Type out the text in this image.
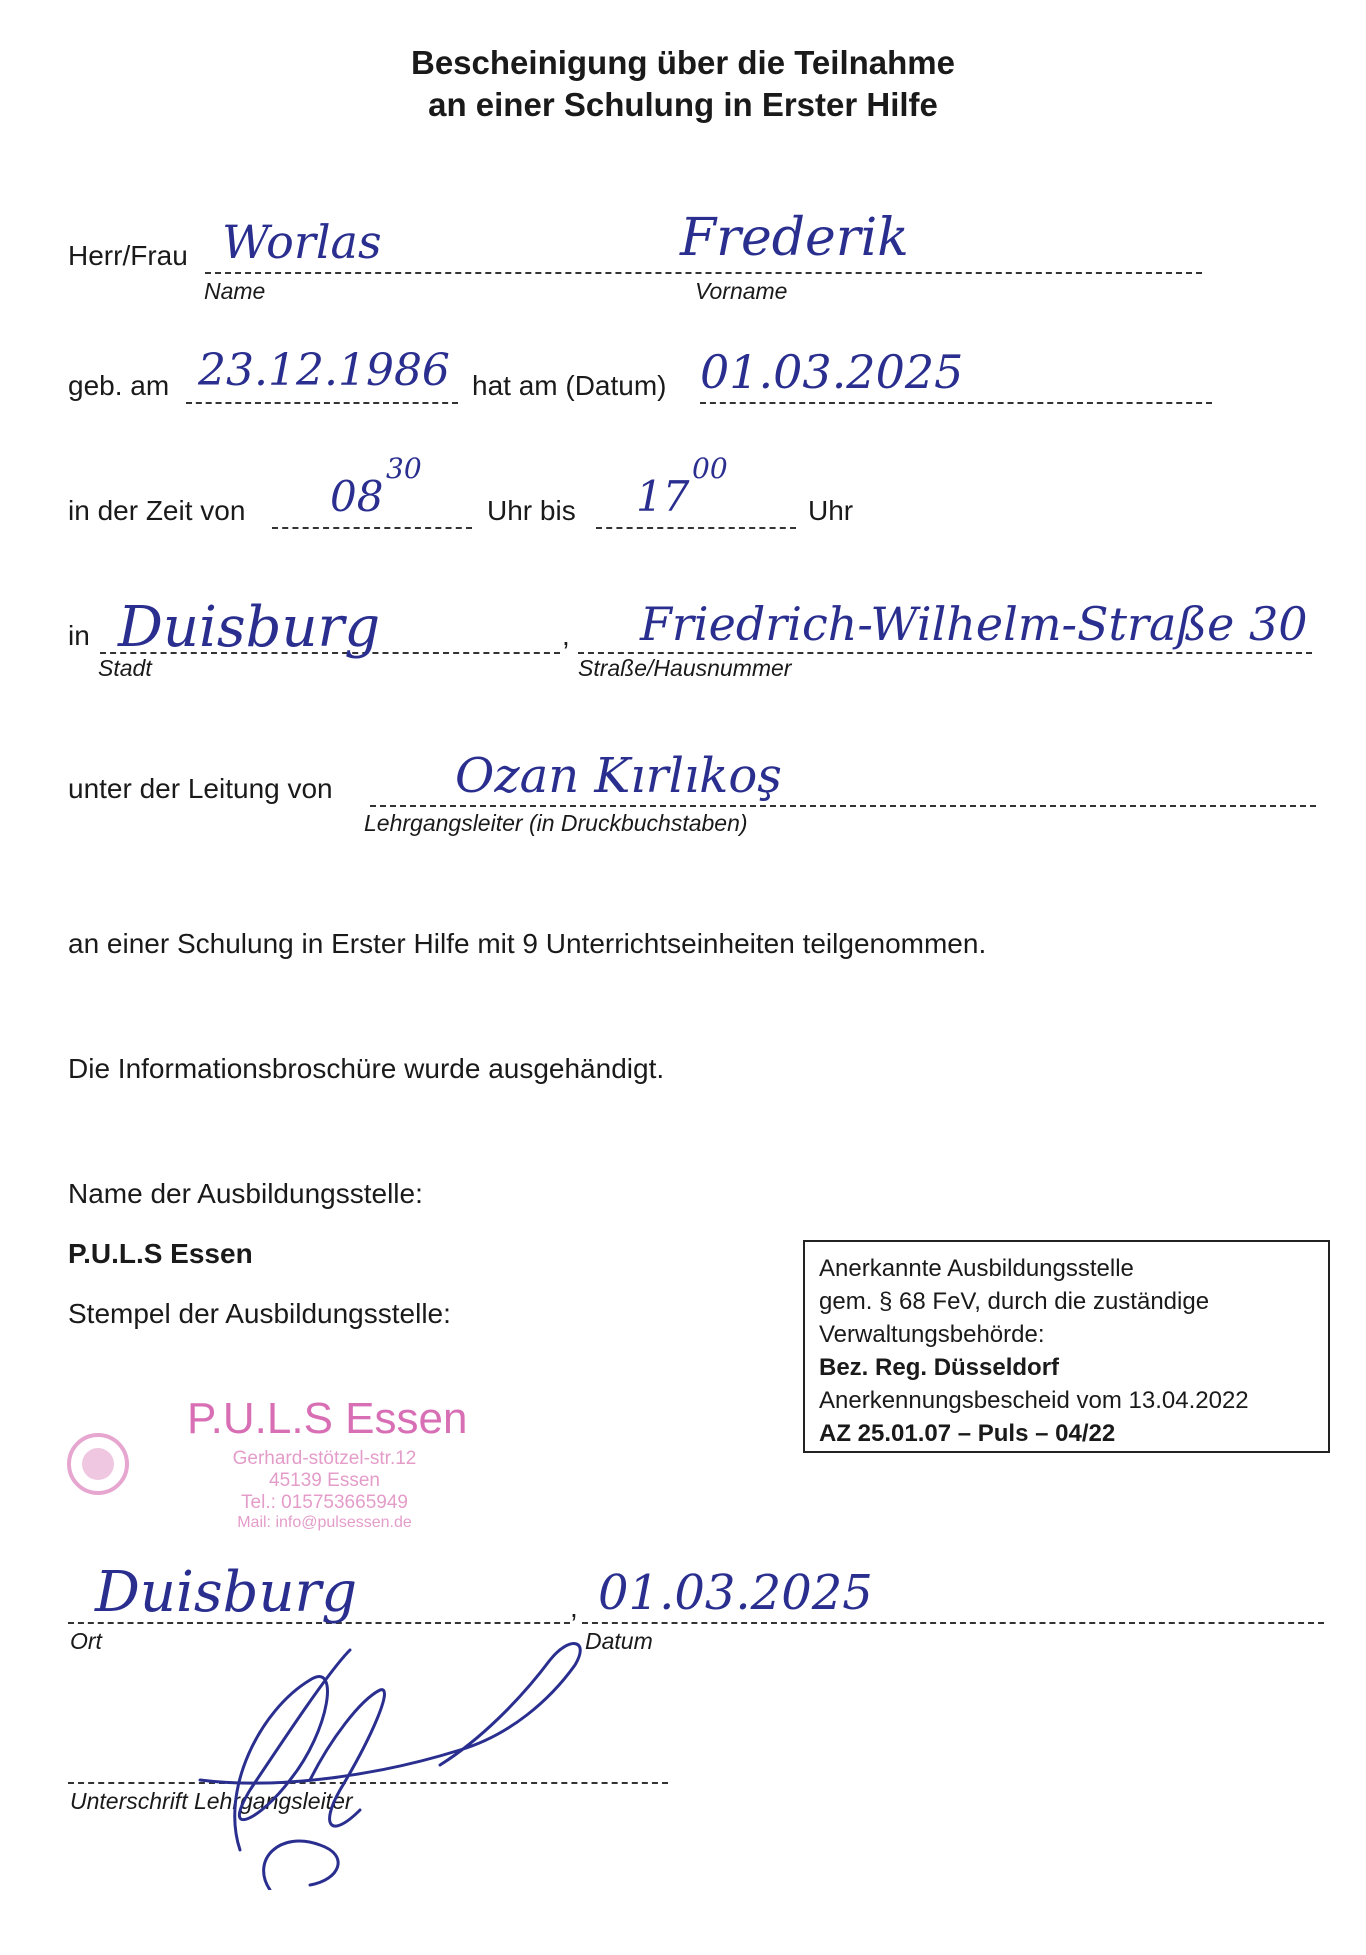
Bescheinigung über die Teilnahme
an einer Schulung in Erster Hilfe
Herr/Frau Worlas	Frederik
Name	Vorname
geb. am 23.12.1986 hat am (Datum) 01.03.2025
in der Zeit von 08
30
Uhr bis 17
00
Uhr
in Duisburg	, Friedrich-Wilhelm-Straße 30
Stadt	Straße/Hausnummer
unter der Leitung von	Ozan Kırlıkoş
Lehrgangsleiter (in Druckbuchstaben)
an einer Schulung in Erster Hilfe mit 9 Unterrichtseinheiten teilgenommen.
Die Informationsbroschüre wurde ausgehändigt.
Name der Ausbildungsstelle:
P.U.L.S Essen
Stempel der Ausbildungsstelle:
Anerkannte Ausbildungsstelle
gem. § 68 FeV, durch die zuständige
Verwaltungsbehörde:
Bez. Reg. Düsseldorf
Anerkennungsbescheid vom 13.04.2022
AZ 25.01.07 – Puls – 04/22
P.U.L.S Essen
Gerhard-stötzel-str.12
45139 Essen
Tel.: 015753665949
Mail: info@pulsessen.de
Duisburg	, 01.03.2025
Ort	Datum
Unterschrift Lehrgangsleiter
